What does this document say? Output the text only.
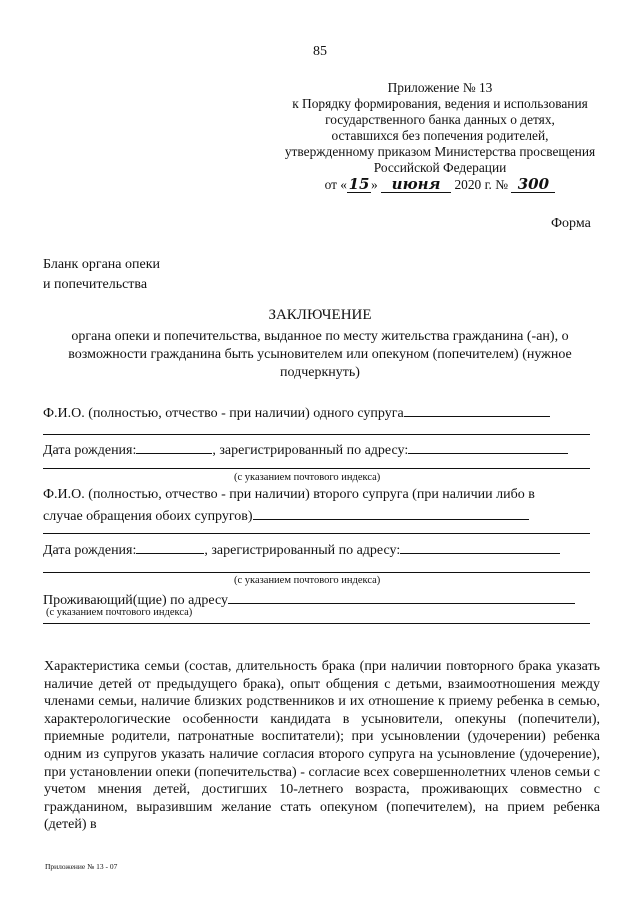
85
Приложение № 13
к Порядку формирования, ведения и использования
государственного банка данных о детях,
оставшихся без попечения родителей,
утвержденному приказом Министерства просвещения
Российской Федерации
от « 15 » июня 2020 г. № 300
Форма
Бланк органа опеки
и попечительства
ЗАКЛЮЧЕНИЕ
органа опеки и попечительства, выданное по месту жительства гражданина (-ан), о возможности гражданина быть усыновителем или опекуном (попечителем) (нужное подчеркнуть)
Ф.И.О. (полностью, отчество - при наличии) одного супруга
Дата рождения:	, зарегистрированный по адресу:
(с указанием почтового индекса)
Ф.И.О. (полностью, отчество - при наличии) второго супруга (при наличии либо в
случае обращения обоих супругов)
Дата рождения:	, зарегистрированный по адресу:
(с указанием почтового индекса)
Проживающий(щие) по адресу
(с указанием почтового индекса)
Характеристика семьи (состав, длительность брака (при наличии повторного брака указать наличие детей от предыдущего брака), опыт общения с детьми, взаимоотношения между членами семьи, наличие близких родственников и их отношение к приему ребенка в семью, характерологические особенности кандидата в усыновители, опекуны (попечители), приемные родители, патронатные воспитатели); при усыновлении (удочерении) ребенка одним из супругов указать наличие согласия второго супруга на усыновление (удочерение), при установлении опеки (попечительства) - согласие всех совершеннолетних членов семьи с учетом мнения детей, достигших 10-летнего возраста, проживающих совместно с гражданином, выразившим желание стать опекуном (попечителем), на прием ребенка (детей) в
Приложение № 13 - 07
